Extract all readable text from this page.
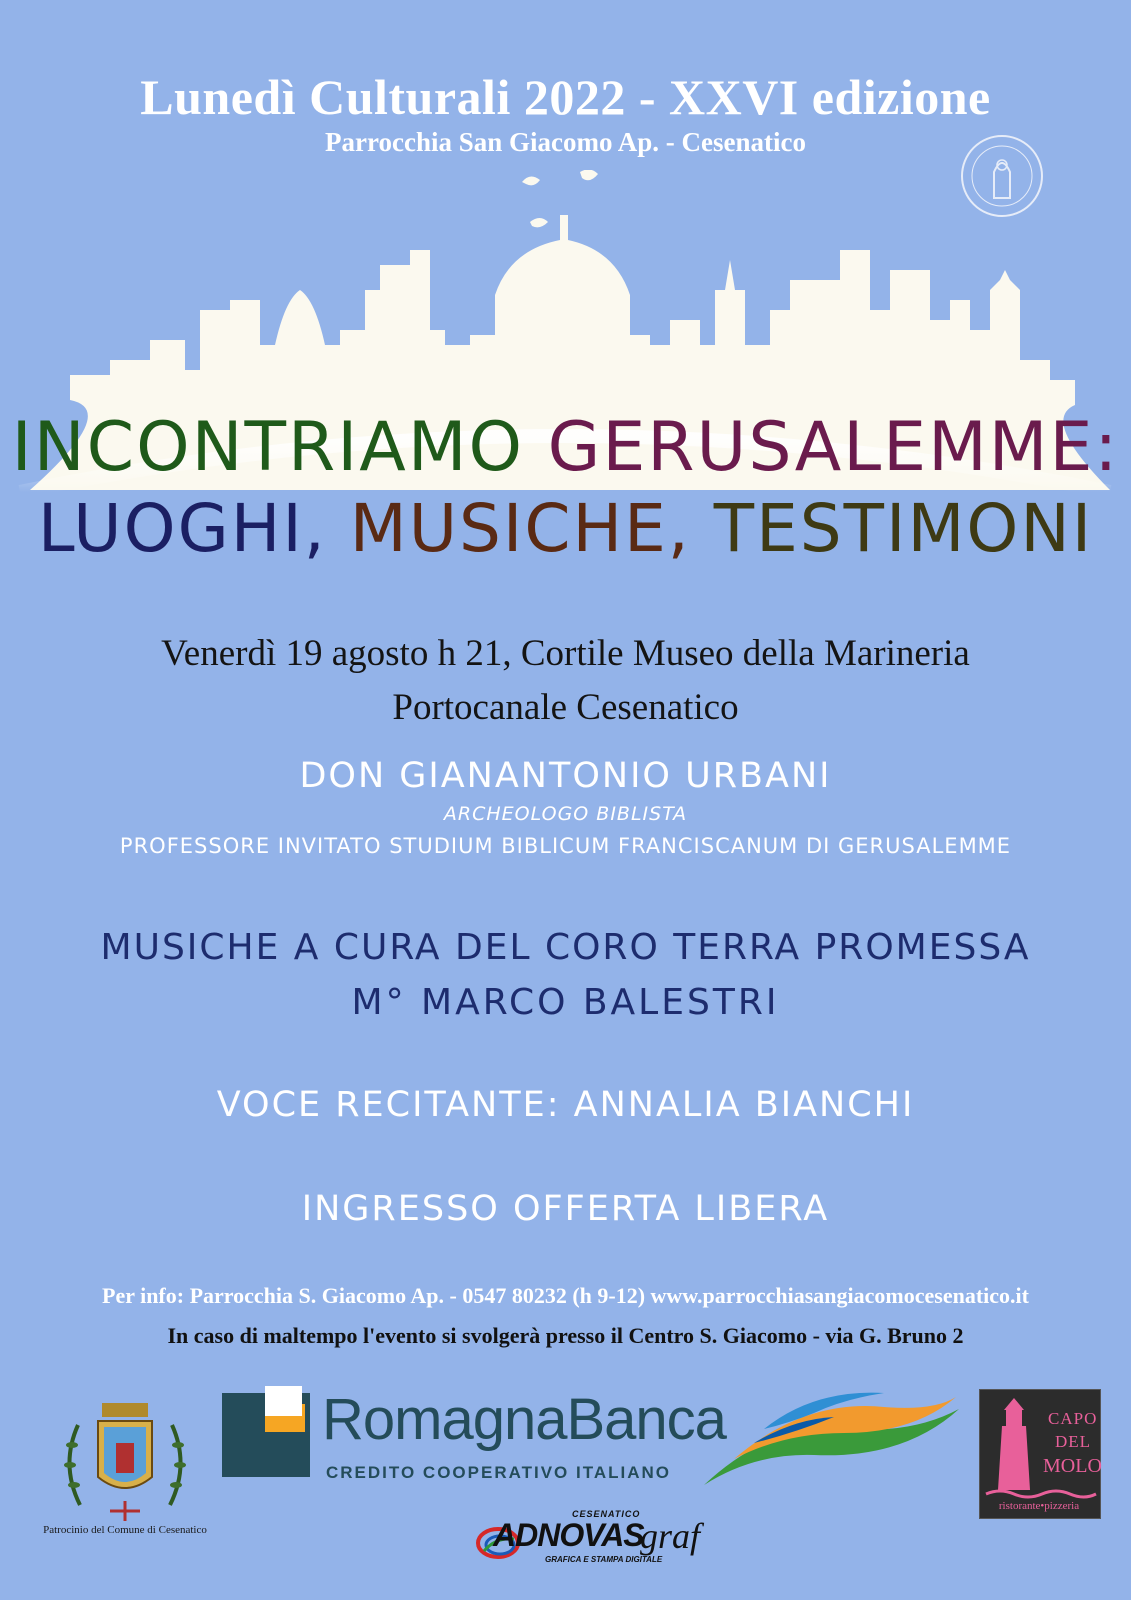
Lunedì Culturali 2022 - XXVI edizione
Parrocchia San Giacomo Ap. - Cesenatico
INCONTRIAMO GERUSALEMME:
LUOGHI, MUSICHE, TESTIMONI
Venerdì 19 agosto h 21, Cortile Museo della Marineria
Portocanale Cesenatico
DON GIANANTONIO URBANI
ARCHEOLOGO BIBLISTA
PROFESSORE INVITATO STUDIUM BIBLICUM FRANCISCANUM DI GERUSALEMME
MUSICHE A CURA DEL CORO TERRA PROMESSA
M° MARCO BALESTRI
VOCE RECITANTE: ANNALIA BIANCHI
INGRESSO OFFERTA LIBERA
Per info: Parrocchia S. Giacomo Ap. - 0547 80232 (h 9-12) www.parrocchiasangiacomocesenatico.it
In caso di maltempo l'evento si svolgerà presso il Centro S. Giacomo - via G. Bruno 2
Patrocinio del Comune di Cesenatico
RomagnaBanca
CREDITO COOPERATIVO ITALIANO
CAPO
DEL
MOLO
ristorante•pizzeria
ADNOVAS
graf
CESENATICO
GRAFICA E STAMPA DIGITALE
